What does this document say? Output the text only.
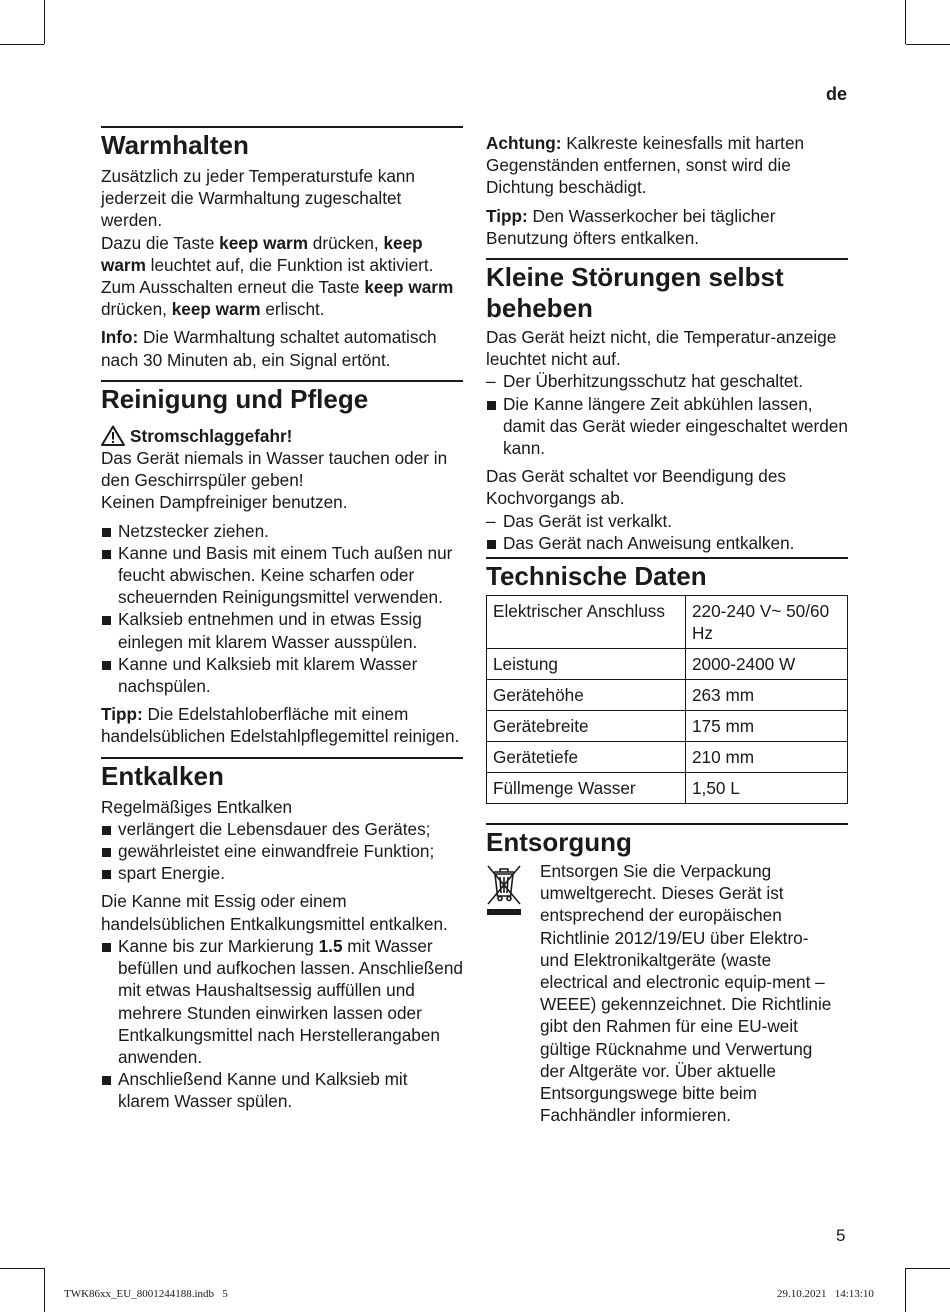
de
Warmhalten

Zusätzlich zu jeder Temperaturstufe kann jederzeit die Warmhaltung zugeschaltet werden.

Dazu die Taste keep warm drücken, keep warm leuchtet auf, die Funktion ist aktiviert.
Zum Ausschalten erneut die Taste keep warm drücken, keep warm erlischt.

Info: Die Warmhaltung schaltet automatisch nach 30 Minuten ab, ein Signal ertönt.

Reinigung und Pflege
Stromschlaggefahr!

Das Gerät niemals in Wasser tauchen oder in den Geschirrspüler geben!
Keinen Dampfreiniger benutzen.

Netzstecker ziehen.
Kanne und Basis mit einem Tuch außen nur feucht abwischen. Keine scharfen oder scheuernden Reinigungsmittel verwenden.
Kalksieb entnehmen und in etwas Essig einlegen mit klarem Wasser ausspülen.
Kanne und Kalksieb mit klarem Wasser nachspülen.

Tipp: Die Edelstahloberfläche mit einem handelsüblichen Edelstahlpflegemittel reinigen.

Entkalken

Regelmäßiges Entkalken

verlängert die Lebensdauer des Gerätes;
gewährleistet eine einwandfreie Funktion;
spart Energie.

Die Kanne mit Essig oder einem handelsüblichen Entkalkungsmittel entkalken.

Kanne bis zur Markierung 1.5 mit Wasser befüllen und aufkochen lassen. Anschließend mit etwas Haushaltsessig auffüllen und mehrere Stunden einwirken lassen oder Entkalkungsmittel nach Herstellerangaben anwenden.
Anschließend Kanne und Kalksieb mit klarem Wasser spülen.

Achtung: Kalkreste keinesfalls mit harten Gegenständen entfernen, sonst wird die Dichtung beschädigt.

Tipp: Den Wasserkocher bei täglicher Benutzung öfters entkalken.

Kleine Störungen selbst beheben

Das Gerät heizt nicht, die Temperatur-anzeige leuchtet nicht auf.

– Der Überhitzungsschutz hat geschaltet.
Die Kanne längere Zeit abkühlen lassen, damit das Gerät wieder eingeschaltet werden kann.

Das Gerät schaltet vor Beendigung des Kochvorgangs ab.

– Das Gerät ist verkalkt.
Das Gerät nach Anweisung entkalken.
Technische Daten
Elektrischer Anschluss	220-240 V~ 50/60 Hz
Leistung	2000-2400 W
Gerätehöhe	263 mm
Gerätebreite	175 mm
Gerätetiefe	210 mm
Füllmenge Wasser	1,50 L
Entsorgung

Entsorgen Sie die Verpackung umweltgerecht. Dieses Gerät ist entsprechend der europäischen Richtlinie 2012/19/EU über Elektro- und Elektronikaltgeräte (waste electrical and electronic equip-ment – WEEE) gekennzeichnet. Die Richtlinie gibt den Rahmen für eine EU-weit gültige Rücknahme und Verwertung der Altgeräte vor. Über aktuelle Entsorgungswege bitte beim Fachhändler informieren.

5
TWK86xx_EU_8001244188.indb   5	29.10.2021   14:13:10
